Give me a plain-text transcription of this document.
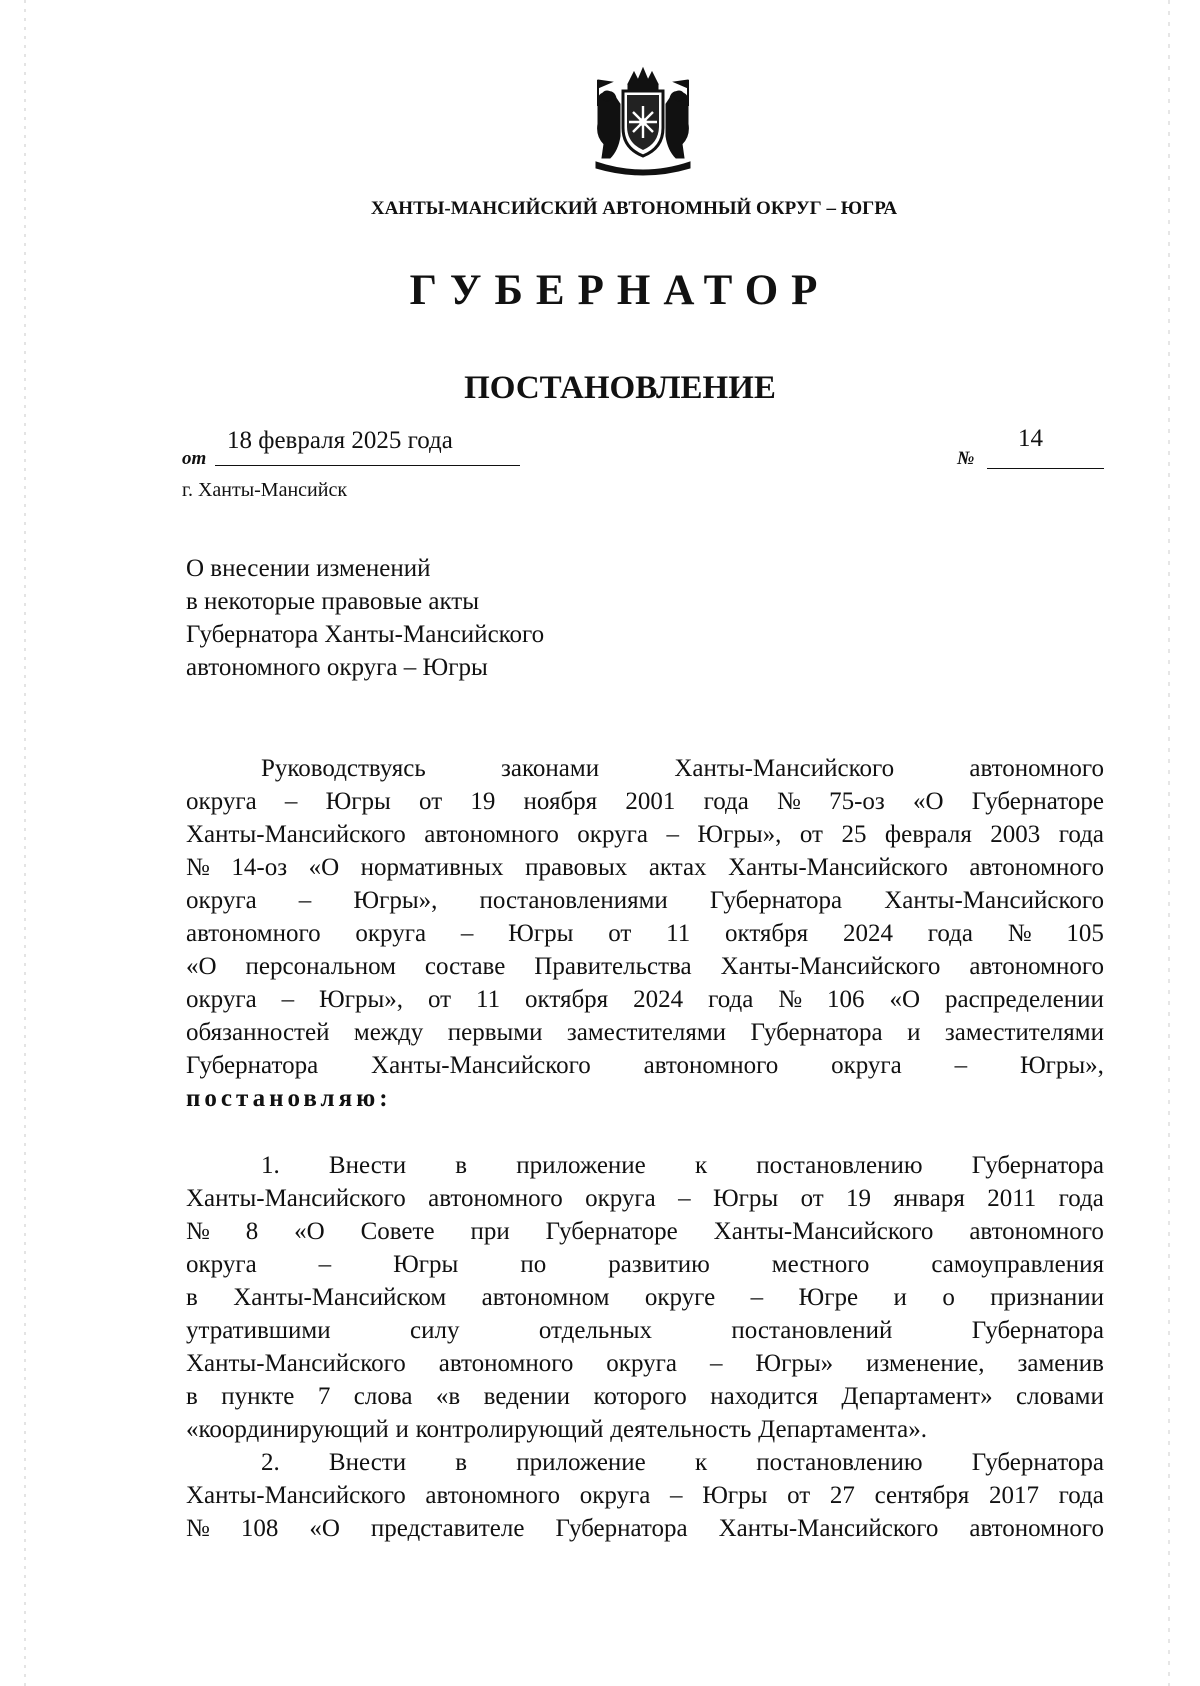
ХАНТЫ-МАНСИЙСКИЙ АВТОНОМНЫЙ ОКРУГ – ЮГРА
ГУБЕРНАТОР
ПОСТАНОВЛЕНИЕ
от
18 февраля 2025 года
№
14
г. Ханты-Мансийск
О внесении изменений
в некоторые правовые акты
Губернатора Ханты-Мансийского
автономного округа – Югры
Руководствуясь	законами	Ханты-Мансийского	автономного
округа – Югры от 19 ноября 2001 года № 75-оз «О Губернаторе
Ханты-Мансийского автономного округа – Югры», от 25 февраля 2003 года
№ 14-оз «О нормативных правовых актах Ханты-Мансийского автономного
округа – Югры», постановлениями Губернатора Ханты-Мансийского
автономного округа – Югры от 11 октября 2024 года № 105
«О персональном составе Правительства Ханты-Мансийского автономного
округа – Югры», от 11 октября 2024 года № 106 «О распределении
обязанностей между первыми заместителями Губернатора и заместителями
Губернатора Ханты-Мансийского автономного округа – Югры»,
постановляю:
1. Внести в приложение к постановлению Губернатора
Ханты-Мансийского автономного округа – Югры от 19 января 2011 года
№ 8 «О Совете при Губернаторе Ханты-Мансийского автономного
округа – Югры по развитию местного самоуправления
в Ханты-Мансийском автономном округе – Югре и о признании
утратившими	силу	отдельных	постановлений	Губернатора
Ханты-Мансийского автономного округа – Югры» изменение, заменив
в пункте 7 слова «в ведении которого находится Департамент» словами
«координирующий и контролирующий деятельность Департамента».
2. Внести в приложение к постановлению Губернатора
Ханты-Мансийского автономного округа – Югры от 27 сентября 2017 года
№ 108 «О представителе Губернатора Ханты-Мансийского автономного
